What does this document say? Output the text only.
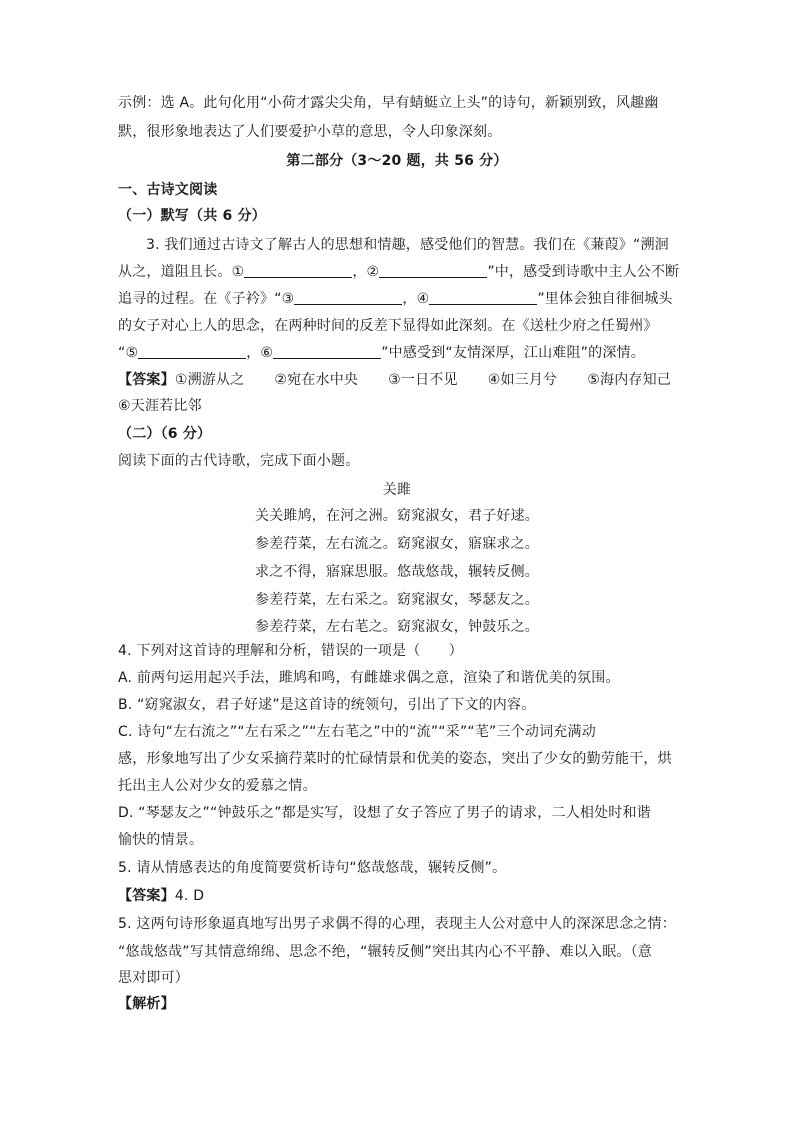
示例：选 A。此句化用“小荷才露尖尖角，早有蜻蜓立上头”的诗句，新颖别致，风趣幽
默，很形象地表达了人们要爱护小草的意思，令人印象深刻。
第二部分（3～20 题，共 56 分）
一、古诗文阅读
（一）默写（共 6 分）
3. 我们通过古诗文了解古人的思想和情趣，感受他们的智慧。我们在《蒹葭》“溯洄
从之，道阻且长。①	，②	”中，感受到诗歌中主人公不断
追寻的过程。在《子衿》“③	，④	”里体会独自徘徊城头
的女子对心上人的思念，在两种时间的反差下显得如此深刻。在《送杜少府之任蜀州》
“⑤	，⑥	”中感受到“友情深厚，江山难阻”的深情。
【答案】①溯游从之 ②宛在水中央 ③一日不见 ④如三月兮 ⑤海内存知己
⑥天涯若比邻
（二）（6 分）
阅读下面的古代诗歌，完成下面小题。
关雎
关关雎鸠，在河之洲。窈窕淑女，君子好逑。
参差荇菜，左右流之。窈窕淑女，寤寐求之。
求之不得，寤寐思服。悠哉悠哉，辗转反侧。
参差荇菜，左右采之。窈窕淑女，琴瑟友之。
参差荇菜，左右芼之。窈窕淑女，钟鼓乐之。
4. 下列对这首诗的理解和分析，错误的一项是（　　）
A. 前两句运用起兴手法，雎鸠和鸣，有雌雄求偶之意，渲染了和谐优美的氛围。
B. “窈窕淑女，君子好逑”是这首诗的统领句，引出了下文的内容。
C. 诗句“左右流之”“左右采之”“左右芼之”中的“流”“采”“芼”三个动词充满动
感，形象地写出了少女采摘荇菜时的忙碌情景和优美的姿态，突出了少女的勤劳能干，烘
托出主人公对少女的爱慕之情。
D. “琴瑟友之”“钟鼓乐之”都是实写，设想了女子答应了男子的请求，二人相处时和谐
愉快的情景。
5. 请从情感表达的角度简要赏析诗句“悠哉悠哉，辗转反侧”。
【答案】4. D
5. 这两句诗形象逼真地写出男子求偶不得的心理，表现主人公对意中人的深深思念之情：
“悠哉悠哉”写其情意绵绵、思念不绝，“辗转反侧”突出其内心不平静、难以入眠。（意
思对即可）
【解析】
